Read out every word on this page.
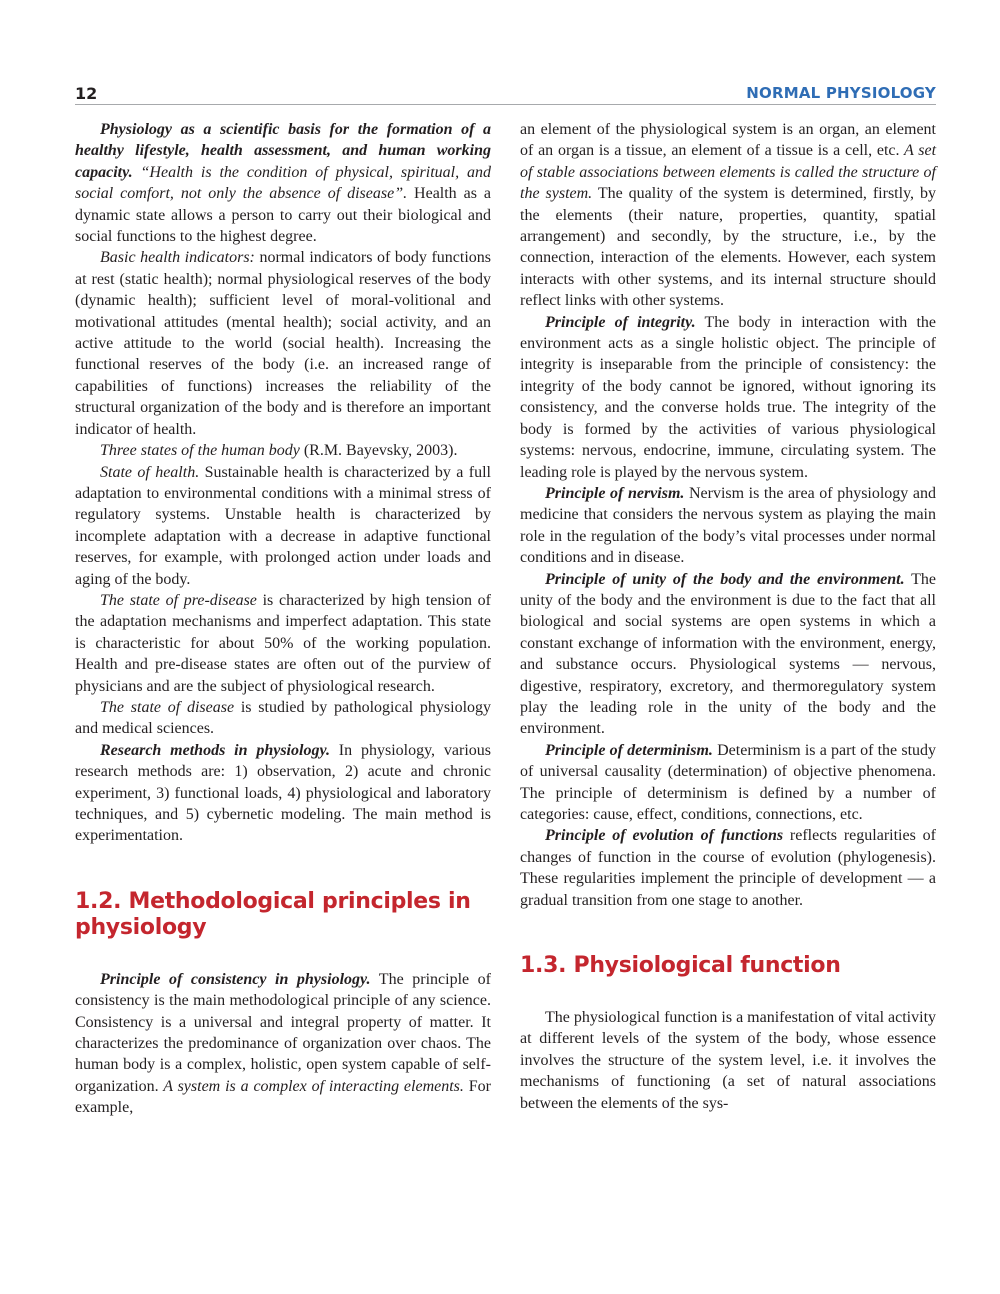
12	NORMAL PHYSIOLOGY

Physiology as a scientific basis for the formation of a healthy lifestyle, health assessment, and human working capacity. “Health is the condition of physical, spiritual, and social comfort, not only the absence of disease”. Health as a dynamic state allows a person to carry out their biological and social functions to the highest degree.

Basic health indicators: normal indicators of body functions at rest (static health); normal physiological reserves of the body (dynamic health); sufficient level of moral-volitional and motivational attitudes (mental health); social activity, and an active attitude to the world (social health). Increasing the functional reserves of the body (i.e. an increased range of capabilities of functions) increases the reliability of the structural organization of the body and is therefore an important indicator of health.

Three states of the human body (R.M. Bayevsky, 2003).

State of health. Sustainable health is characterized by a full adaptation to environmental conditions with a minimal stress of regulatory systems. Unstable health is characterized by incomplete adaptation with a decrease in adaptive functional reserves, for example, with prolonged action under loads and aging of the body.

The state of pre-disease is characterized by high tension of the adaptation mechanisms and imperfect adaptation. This state is characteristic for about 50% of the working population. Health and pre-disease states are often out of the purview of physicians and are the subject of physiological research.

The state of disease is studied by pathological physiology and medical sciences.

Research methods in physiology. In physiology, various research methods are: 1) observation, 2) acute and chronic experiment, 3) functional loads, 4) physiological and laboratory techniques, and 5) cybernetic modeling. The main method is experimentation.

1.2. Methodological principles in physiology

Principle of consistency in physiology. The principle of consistency is the main methodological principle of any science. Consistency is a universal and integral property of matter. It characterizes the predominance of organization over chaos. The human body is a complex, holistic, open system capable of self-organization. A system is a complex of interacting elements. For example,

an element of the physiological system is an organ, an element of an organ is a tissue, an element of a tissue is a cell, etc. A set of stable associations between elements is called the structure of the system. The quality of the system is determined, firstly, by the elements (their nature, properties, quantity, spatial arrangement) and secondly, by the structure, i.e., by the connection, interaction of the elements. However, each system interacts with other systems, and its internal structure should reflect links with other systems.

Principle of integrity. The body in interaction with the environment acts as a single holistic object. The principle of integrity is inseparable from the principle of consistency: the integrity of the body cannot be ignored, without ignoring its consistency, and the converse holds true. The integrity of the body is formed by the activities of various physiological systems: nervous, endocrine, immune, circulating system. The leading role is played by the nervous system.

Principle of nervism. Nervism is the area of physiology and medicine that considers the nervous system as playing the main role in the regulation of the body’s vital processes under normal conditions and in disease.

Principle of unity of the body and the environment. The unity of the body and the environment is due to the fact that all biological and social systems are open systems in which a constant exchange of information with the environment, energy, and substance occurs. Physiological systems — nervous, digestive, respiratory, excretory, and thermoregulatory system play the leading role in the unity of the body and the environment.

Principle of determinism. Determinism is a part of the study of universal causality (determination) of objective phenomena. The principle of determinism is defined by a number of categories: cause, effect, conditions, connections, etc.

Principle of evolution of functions reflects regularities of changes of function in the course of evolution (phylogenesis). These regularities implement the principle of development — a gradual transition from one stage to another.

1.3. Physiological function

The physiological function is a manifestation of vital activity at different levels of the system of the body, whose essence involves the structure of the system level, i.e. it involves the mechanisms of functioning (a set of natural associations between the elements of the sys-
